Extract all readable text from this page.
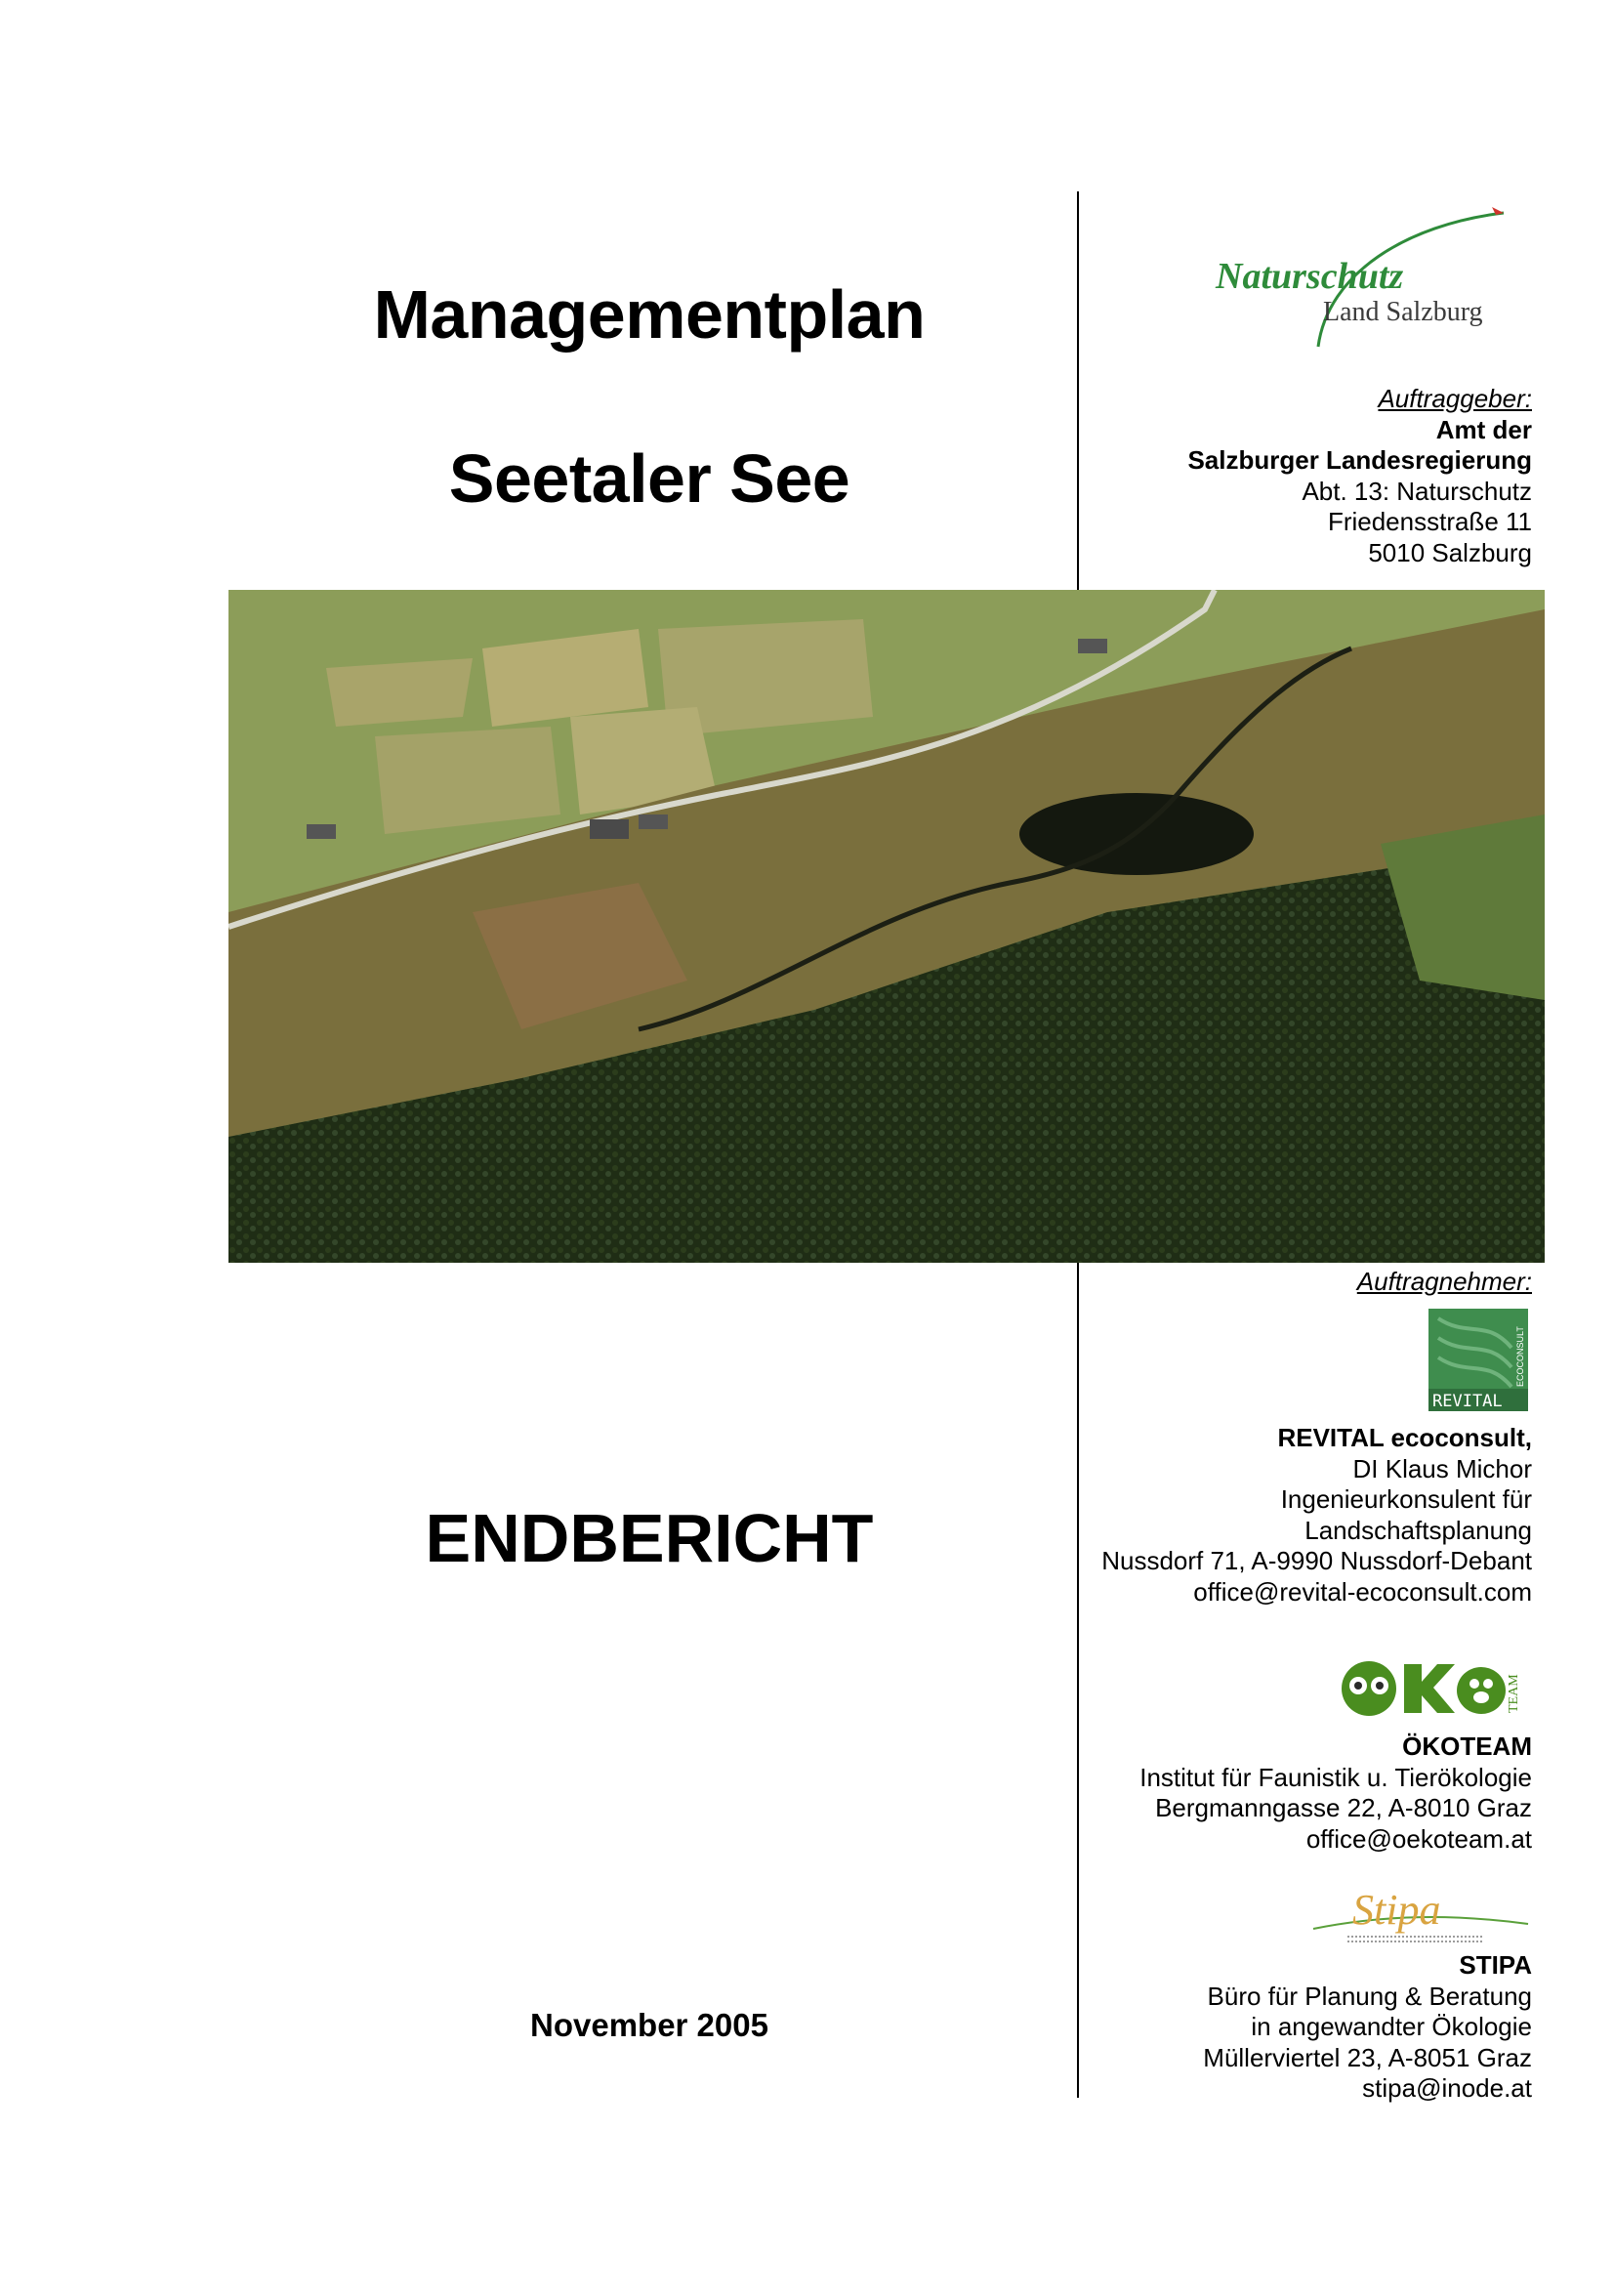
Managementplan
Seetaler See
ENDBERICHT
November 2005
Naturschutz
Land Salzburg
Auftraggeber:
Amt der
Salzburger Landesregierung
Abt. 13: Naturschutz
Friedensstraße 11
5010 Salzburg
Auftragnehmer:
REVITAL
ECOCONSULT
REVITAL ecoconsult,
DI Klaus Michor
Ingenieurkonsulent für
Landschaftsplanung
Nussdorf 71, A-9990 Nussdorf-Debant
office@revital-ecoconsult.com
TEAM
ÖKOTEAM
Institut für Faunistik u. Tierökologie
Bergmanngasse 22, A-8010 Graz
office@oekoteam.at
Stipa
STIPA
Büro für Planung & Beratung
in angewandter Ökologie
Müllerviertel 23, A-8051 Graz
stipa@inode.at
